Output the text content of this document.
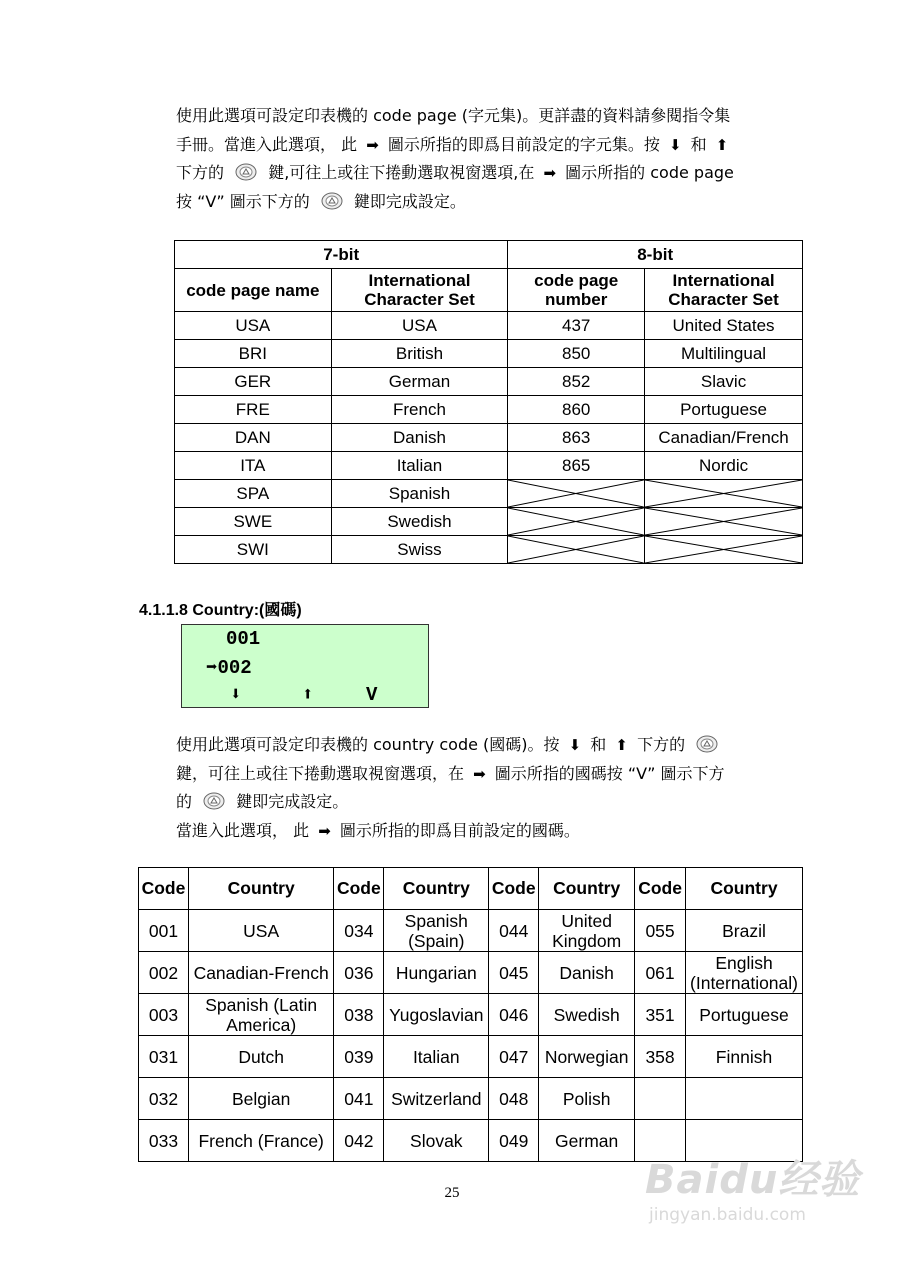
使用此選項可設定印表機的 code page (字元集)。更詳盡的資料請參閱指令集
手冊。當進入此選項， 此 ➡ 圖示所指的即爲目前設定的字元集。按 ⬇ 和 ⬆
下方的	鍵,可往上或往下捲動選取視窗選項,在 ➡ 圖示所指的 code page
按 “V” 圖示下方的	鍵即完成設定。
7-bit		8-bit	
code page name	International Character Set	code page number	International Character Set
USA	USA	437	United States
BRI	British	850	Multilingual
GER	German	852	Slavic
FRE	French	860	Portuguese
DAN	Danish	863	Canadian/French
ITA	Italian	865	Nordic
SPA	Spanish	

SWE	Swedish	

SWI	Swiss	

4.1.1.8 Country:(國碼)
001
➡002
⬇	⬆	V
使用此選項可設定印表機的 country code (國碼)。按 ⬇ 和 ⬆ 下方的
鍵，可往上或往下捲動選取視窗選項，在 ➡ 圖示所指的國碼按 “V” 圖示下方
的	鍵即完成設定。
當進入此選項， 此 ➡ 圖示所指的即爲目前設定的國碼。
Code	Country	Code	Country	Code	Country	Code	Country
001	USA	034	Spanish (Spain)	044	United Kingdom	055	Brazil
002	Canadian-French	036	Hungarian	045	Danish	061	English (International)
003	Spanish (Latin America)	038	Yugoslavian	046	Swedish	351	Portuguese
031	Dutch	039	Italian	047	Norwegian	358	Finnish
032	Belgian	041	Switzerland	048	Polish		
033	French (France)	042	Slovak	049	German		
25	Baidu经验
jingyan.baidu.com
